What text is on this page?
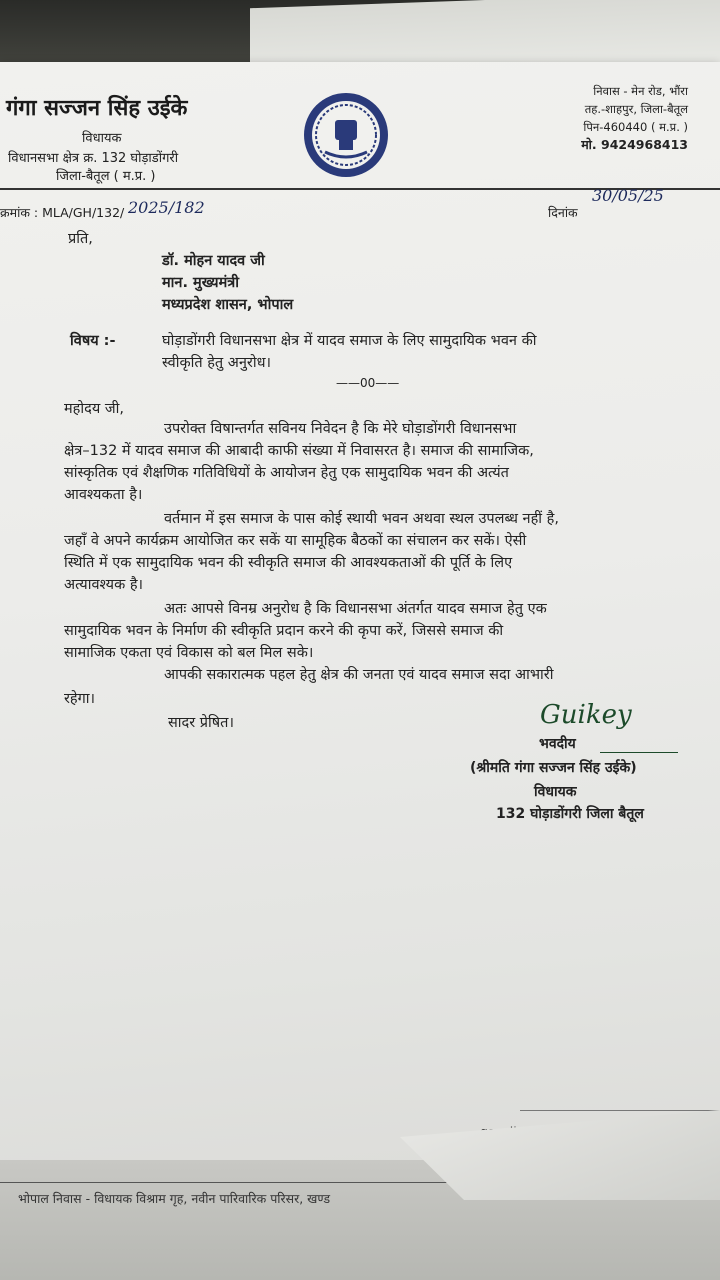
गंगा सज्जन सिंह उईके
विधायक
विधानसभा क्षेत्र क्र. 132 घोड़ाडोंगरी
जिला-बैतूल ( म.प्र. )
निवास - मेन रोड, भौंरा
तह.-शाहपुर, जिला-बैतूल
पिन-460440 ( म.प्र. )
मो. 9424968413
क्रमांक : MLA/GH/132/ 2025/182	दिनांक
30/05/25
प्रति,
डॉ. मोहन यादव जी
मान. मुख्यमंत्री
मध्यप्रदेश शासन, भोपाल
विषय :-	घोड़ाडोंगरी विधानसभा क्षेत्र में यादव समाज के लिए सामुदायिक भवन की
स्वीकृति हेतु अनुरोध।
——00——
महोदय जी,
उपरोक्त विषान्तर्गत सविनय निवेदन है कि मेरे घोड़ाडोंगरी विधानसभा
क्षेत्र–132 में यादव समाज की आबादी काफी संख्या में निवासरत है। समाज की सामाजिक,
सांस्कृतिक एवं शैक्षणिक गतिविधियों के आयोजन हेतु एक सामुदायिक भवन की अत्यंत
आवश्यकता है।
वर्तमान में इस समाज के पास कोई स्थायी भवन अथवा स्थल उपलब्ध नहीं है,
जहाँ वे अपने कार्यक्रम आयोजित कर सकें या सामूहिक बैठकों का संचालन कर सकें। ऐसी
स्थिति में एक सामुदायिक भवन की स्वीकृति समाज की आवश्यकताओं की पूर्ति के लिए
अत्यावश्यक है।
अतः आपसे विनम्र अनुरोध है कि विधानसभा अंतर्गत यादव समाज हेतु एक
सामुदायिक भवन के निर्माण की स्वीकृति प्रदान करने की कृपा करें, जिससे समाज की
सामाजिक एकता एवं विकास को बल मिल सके।
आपकी सकारात्मक पहल हेतु क्षेत्र की जनता एवं यादव समाज सदा आभारी
रहेगा।
सादर प्रेषित।	Guikey
भवदीय
(श्रीमति गंगा सज्जन सिंह उईके)
विधायक
132 घोड़ाडोंगरी जिला बैतूल
भोपाल निवास - विधायक विश्राम गृह, नवीन पारिवारिक परिसर, खण्ड
